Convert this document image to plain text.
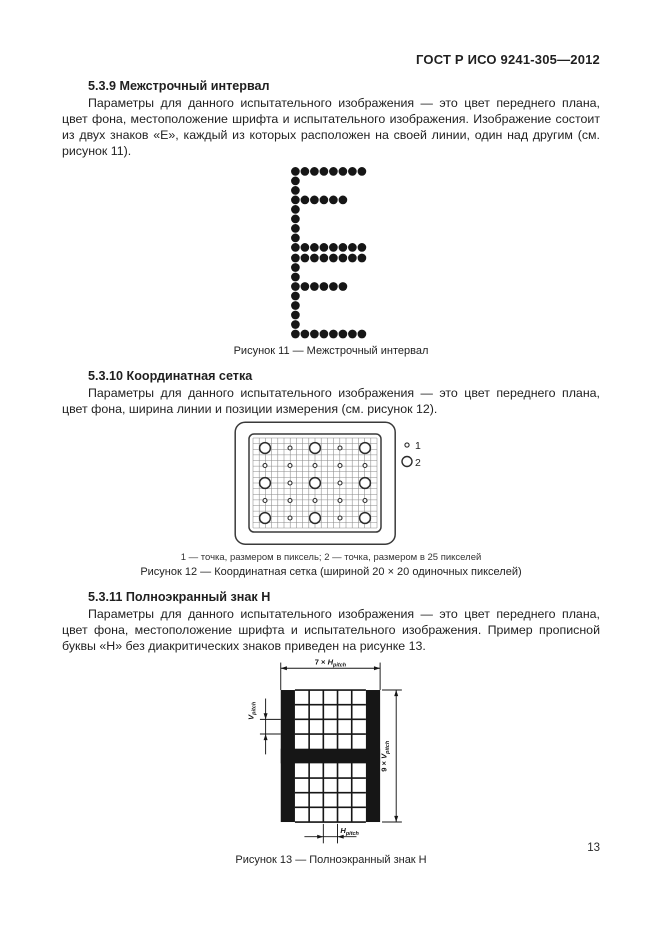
ГОСТ Р ИСО 9241-305—2012
5.3.9 Межстрочный интервал

Параметры для данного испытательного изображения — это цвет переднего плана, цвет фона, местоположение шрифта и испытательного изображения. Изображение состоит из двух знаков «Е», каждый из которых расположен на своей линии, один над другим (см. рисунок 11).

Рисунок 11 — Межстрочный интервал
5.3.10 Координатная сетка

Параметры для данного испытательного изображения — это цвет переднего плана, цвет фона, ширина линии и позиции измерения (см. рисунок 12).

1
2
1 — точка, размером в пиксель; 2 — точка, размером в 25 пикселей
Рисунок 12 — Координатная сетка (шириной 20 × 20 одиночных пикселей)
5.3.11 Полноэкранный знак Н

Параметры для данного испытательного изображения — это цвет переднего плана, цвет фона, местоположение шрифта и испытательного изображения. Пример прописной буквы «Н» без диакритических знаков приведен на рисунке 13.

$7 \times H_{pitch}$
$9 \times V_{pitch}$
$V_{pitch}$
$H_{pitch}$
Рисунок 13 — Полноэкранный знак Н
13
